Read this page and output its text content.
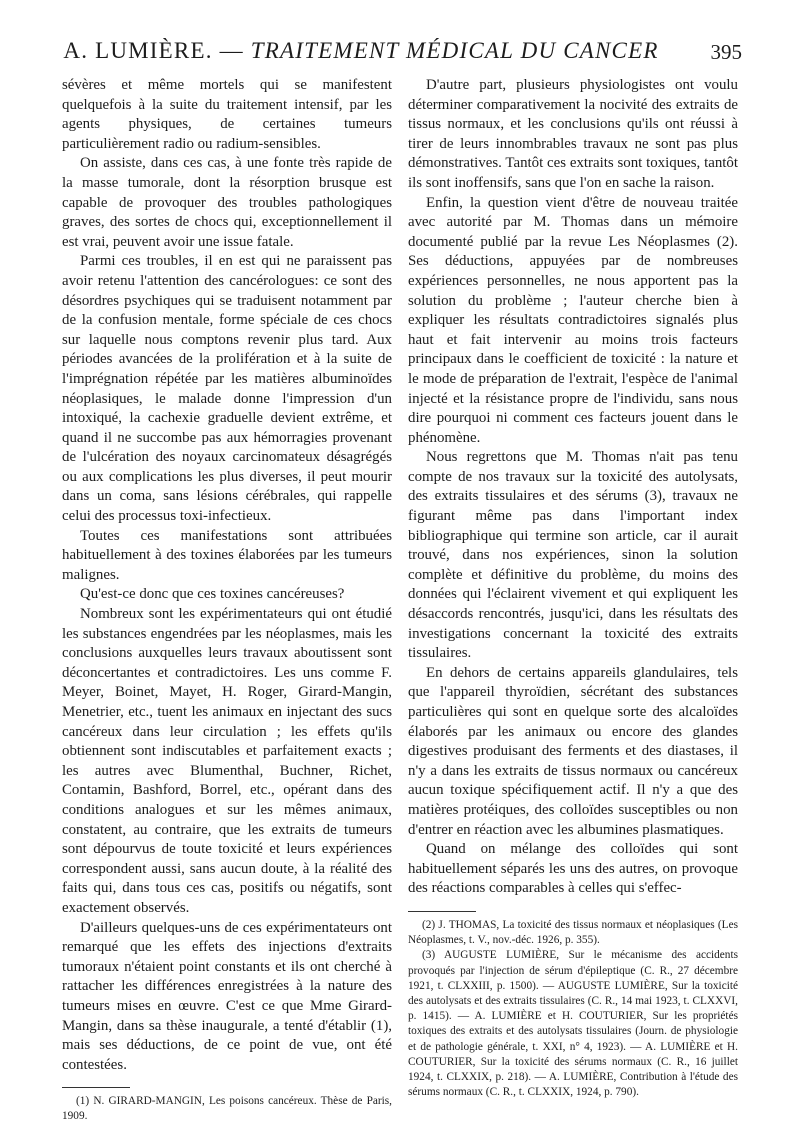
A. LUMIÈRE. — TRAITEMENT MÉDICAL DU CANCER 395

sévères et même mortels qui se manifestent quelquefois à la suite du traitement intensif, par les agents physiques, de certaines tumeurs particulièrement radio ou radium-sensibles.

On assiste, dans ces cas, à une fonte très rapide de la masse tumorale, dont la résorption brusque est capable de provoquer des troubles pathologiques graves, des sortes de chocs qui, exceptionnellement il est vrai, peuvent avoir une issue fatale.

Parmi ces troubles, il en est qui ne paraissent pas avoir retenu l'attention des cancérologues: ce sont des désordres psychiques qui se traduisent notamment par de la confusion mentale, forme spéciale de ces chocs sur laquelle nous comptons revenir plus tard. Aux périodes avancées de la prolifération et à la suite de l'imprégnation répétée par les matières albuminoïdes néoplasiques, le malade donne l'impression d'un intoxiqué, la cachexie graduelle devient extrême, et quand il ne succombe pas aux hémorragies provenant de l'ulcération des noyaux carcinomateux désagrégés ou aux complications les plus diverses, il peut mourir dans un coma, sans lésions cérébrales, qui rappelle celui des processus toxi-infectieux.

Toutes ces manifestations sont attribuées habituellement à des toxines élaborées par les tumeurs malignes.

Qu'est-ce donc que ces toxines cancéreuses?

Nombreux sont les expérimentateurs qui ont étudié les substances engendrées par les néoplasmes, mais les conclusions auxquelles leurs travaux aboutissent sont déconcertantes et contradictoires. Les uns comme F. Meyer, Boinet, Mayet, H. Roger, Girard-Mangin, Menetrier, etc., tuent les animaux en injectant des sucs cancéreux dans leur circulation ; les effets qu'ils obtiennent sont indiscutables et parfaitement exacts ; les autres avec Blumenthal, Buchner, Richet, Contamin, Bashford, Borrel, etc., opérant dans des conditions analogues et sur les mêmes animaux, constatent, au contraire, que les extraits de tumeurs sont dépourvus de toute toxicité et leurs expériences correspondent aussi, sans aucun doute, à la réalité des faits qui, dans tous ces cas, positifs ou négatifs, sont exactement observés.

D'ailleurs quelques-uns de ces expérimentateurs ont remarqué que les effets des injections d'extraits tumoraux n'étaient point constants et ils ont cherché à rattacher les différences enregistrées à la nature des tumeurs mises en œuvre. C'est ce que Mme Girard-Mangin, dans sa thèse inaugurale, a tenté d'établir (1), mais ses déductions, de ce point de vue, ont été contestées.

(1) N. GIRARD-MANGIN, Les poisons cancéreux. Thèse de Paris, 1909.

D'autre part, plusieurs physiologistes ont voulu déterminer comparativement la nocivité des extraits de tissus normaux, et les conclusions qu'ils ont réussi à tirer de leurs innombrables travaux ne sont pas plus démonstratives. Tantôt ces extraits sont toxiques, tantôt ils sont inoffensifs, sans que l'on en sache la raison.

Enfin, la question vient d'être de nouveau traitée avec autorité par M. Thomas dans un mémoire documenté publié par la revue Les Néoplasmes (2). Ses déductions, appuyées par de nombreuses expériences personnelles, ne nous apportent pas la solution du problème ; l'auteur cherche bien à expliquer les résultats contradictoires signalés plus haut et fait intervenir au moins trois facteurs principaux dans le coefficient de toxicité : la nature et le mode de préparation de l'extrait, l'espèce de l'animal injecté et la résistance propre de l'individu, sans nous dire pourquoi ni comment ces facteurs jouent dans le phénomène.

Nous regrettons que M. Thomas n'ait pas tenu compte de nos travaux sur la toxicité des autolysats, des extraits tissulaires et des sérums (3), travaux ne figurant même pas dans l'important index bibliographique qui termine son article, car il aurait trouvé, dans nos expériences, sinon la solution complète et définitive du problème, du moins des données qui l'éclairent vivement et qui expliquent les désaccords rencontrés, jusqu'ici, dans les résultats des investigations concernant la toxicité des extraits tissulaires.

En dehors de certains appareils glandulaires, tels que l'appareil thyroïdien, sécrétant des substances particulières qui sont en quelque sorte des alcaloïdes élaborés par les animaux ou encore des glandes digestives produisant des ferments et des diastases, il n'y a dans les extraits de tissus normaux ou cancéreux aucun toxique spécifiquement actif. Il n'y a que des matières protéiques, des colloïdes susceptibles ou non d'entrer en réaction avec les albumines plasmatiques.

Quand on mélange des colloïdes qui sont habituellement séparés les uns des autres, on provoque des réactions comparables à celles qui s'effec-

(2) J. THOMAS, La toxicité des tissus normaux et néoplasiques (Les Néoplasmes, t. V., nov.-déc. 1926, p. 355).

(3) AUGUSTE LUMIÈRE, Sur le mécanisme des accidents provoqués par l'injection de sérum d'épileptique (C. R., 27 décembre 1921, t. CLXXIII, p. 1500). — AUGUSTE LUMIÈRE, Sur la toxicité des autolysats et des extraits tissulaires (C. R., 14 mai 1923, t. CLXXVI, p. 1415). — A. LUMIÈRE et H. COUTURIER, Sur les propriétés toxiques des extraits et des autolysats tissulaires (Journ. de physiologie et de pathologie générale, t. XXI, n° 4, 1923). — A. LUMIÈRE et H. COUTURIER, Sur la toxicité des sérums normaux (C. R., 16 juillet 1924, t. CLXXIX, p. 218). — A. LUMIÈRE, Contribution à l'étude des sérums normaux (C. R., t. CLXXIX, 1924, p. 790).
